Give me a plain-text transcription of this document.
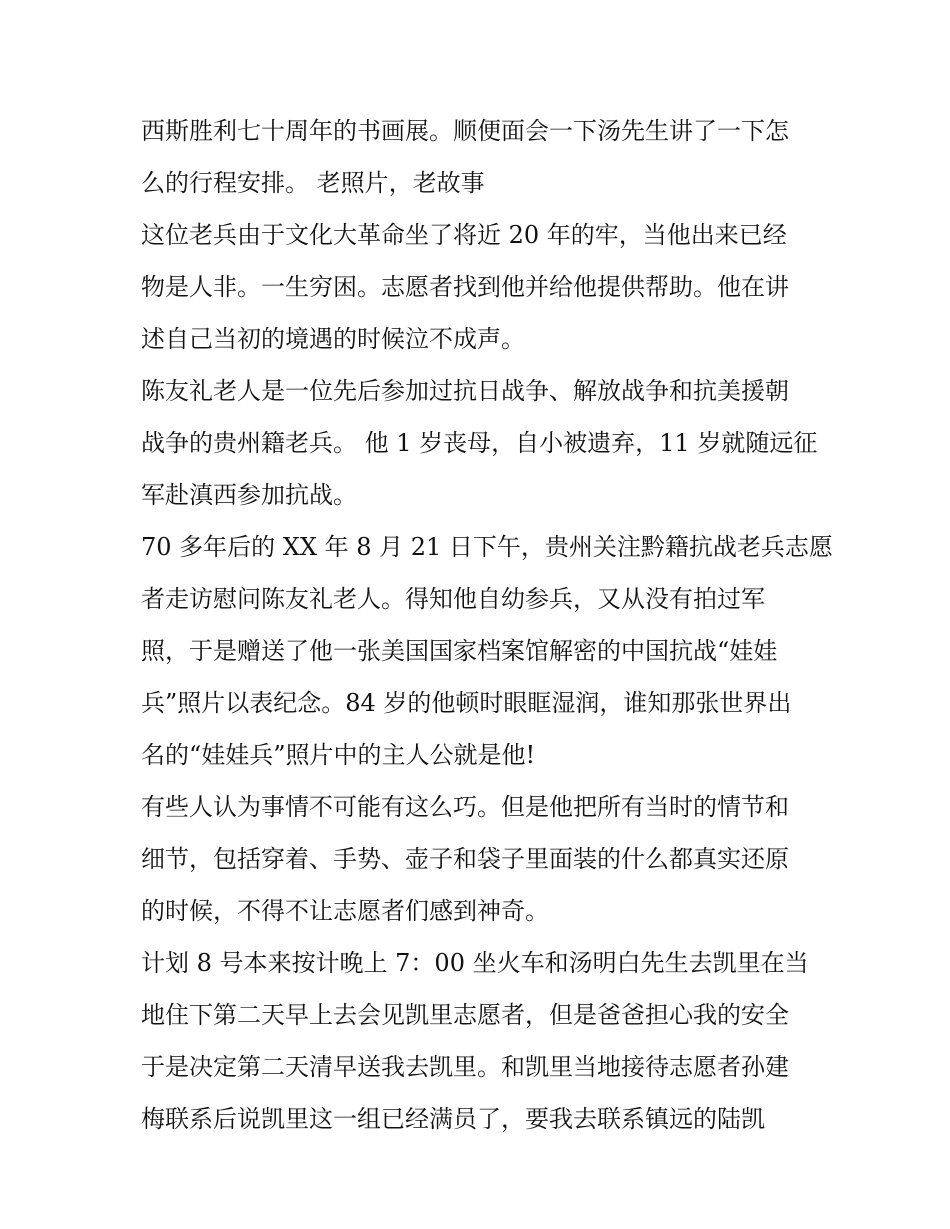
西斯胜利七十周年的书画展。顺便面会一下汤先生讲了一下怎
么的行程安排。 老照片，老故事
这位老兵由于文化大革命坐了将近 20 年的牢，当他出来已经
物是人非。一生穷困。志愿者找到他并给他提供帮助。他在讲
述自己当初的境遇的时候泣不成声。
陈友礼老人是一位先后参加过抗日战争、解放战争和抗美援朝
战争的贵州籍老兵。 他 1 岁丧母，自小被遗弃，11 岁就随远征
军赴滇西参加抗战。
70 多年后的 XX 年 8 月 21 日下午，贵州关注黔籍抗战老兵志愿
者走访慰问陈友礼老人。得知他自幼参兵，又从没有拍过军
照，于是赠送了他一张美国国家档案馆解密的中国抗战“娃娃
兵”照片以表纪念。84 岁的他顿时眼眶湿润，谁知那张世界出
名的“娃娃兵”照片中的主人公就是他!
有些人认为事情不可能有这么巧。但是他把所有当时的情节和
细节，包括穿着、手势、壶子和袋子里面装的什么都真实还原
的时候，不得不让志愿者们感到神奇。
计划 8 号本来按计晚上 7：00 坐火车和汤明白先生去凯里在当
地住下第二天早上去会见凯里志愿者，但是爸爸担心我的安全
于是决定第二天清早送我去凯里。和凯里当地接待志愿者孙建
梅联系后说凯里这一组已经满员了，要我去联系镇远的陆凯
